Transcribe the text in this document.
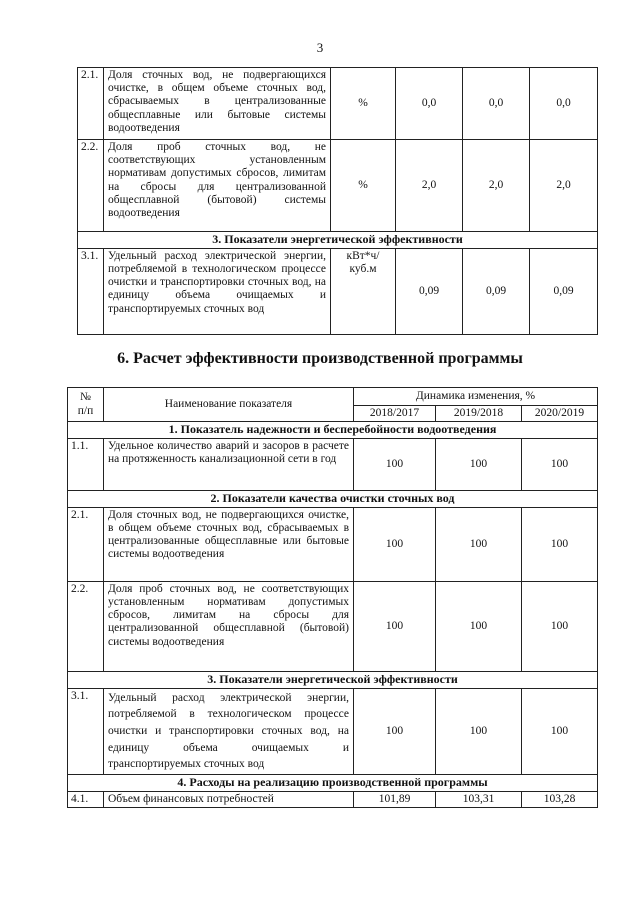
3
2.1.	Доля сточных вод, не подвергающихся очистке, в общем объеме сточных вод, сбрасываемых в централизованные общесплавные или бытовые системы водоотведения	%	0,0	0,0	0,0
2.2.	Доля проб сточных вод, не соответствующих установленным нормативам допустимых сбросов, лимитам на сбросы для централизованной общесплавной (бытовой) системы водоотведения	%	2,0	2,0	2,0
3. Показатели энергетической эффективности					
3.1.	Удельный расход электрической энергии, потребляемой в технологическом процессе очистки и транспортировки сточных вод, на единицу объема очищаемых и транспортируемых сточных вод	кВт*ч/куб.м	0,09	0,09	0,09
6. Расчет эффективности производственной программы
№
п/п	Наименование показателя	Динамика изменения, %		
		2018/2017	2019/2018	2020/2019
1. Показатель надежности и бесперебойности водоотведения				
1.1.	Удельное количество аварий и засоров в расчете на протяженность канализационной сети в год	100	100	100
2. Показатели качества очистки сточных вод				
2.1.	Доля сточных вод, не подвергающихся очистке, в общем объеме сточных вод, сбрасываемых в централизованные общесплавные или бытовые системы водоотведения	100	100	100
2.2.	Доля проб сточных вод, не соответствующих установленным нормативам допустимых сбросов, лимитам на сбросы для централизованной общесплавной (бытовой) системы водоотведения	100	100	100
3. Показатели энергетической эффективности				
3.1.	Удельный расход электрической энергии, потребляемой в технологическом процессе очистки и транспортировки сточных вод, на единицу объема очищаемых и транспортируемых сточных вод	100	100	100
4. Расходы на реализацию производственной программы				
4.1.	Объем финансовых потребностей	101,89	103,31	103,28
